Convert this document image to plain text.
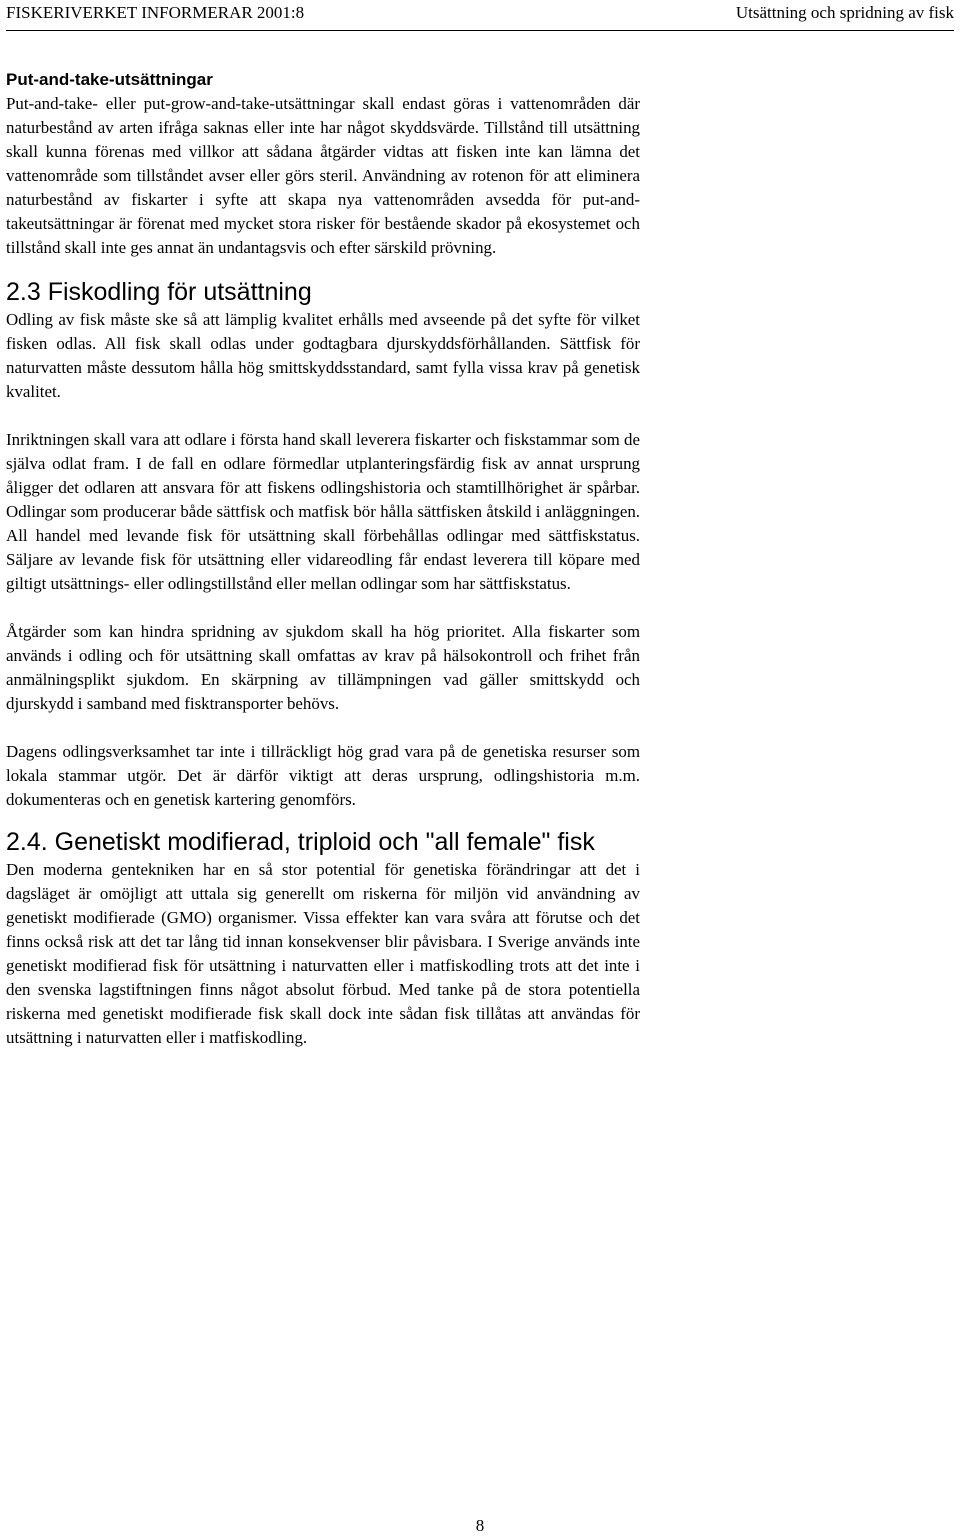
FISKERIVERKET INFORMERAR 2001:8	Utsättning och spridning av fisk

Put-and-take-utsättningar

Put-and-take- eller put-grow-and-take-utsättningar skall endast göras i vattenområden där naturbestånd av arten ifråga saknas eller inte har något skyddsvärde. Tillstånd till utsättning skall kunna förenas med villkor att sådana åtgärder vidtas att fisken inte kan lämna det vattenområde som tillståndet avser eller görs steril. Användning av rotenon för att eliminera naturbestånd av fiskarter i syfte att skapa nya vattenområden avsedda för put-and-takeutsättningar är förenat med mycket stora risker för bestående skador på ekosystemet och tillstånd skall inte ges annat än undantagsvis och efter särskild prövning.

2.3 Fiskodling för utsättning

Odling av fisk måste ske så att lämplig kvalitet erhålls med avseende på det syfte för vilket fisken odlas. All fisk skall odlas under godtagbara djurskyddsförhållanden. Sättfisk för naturvatten måste dessutom hålla hög smittskyddsstandard, samt fylla vissa krav på genetisk kvalitet.

Inriktningen skall vara att odlare i första hand skall leverera fiskarter och fiskstammar som de själva odlat fram. I de fall en odlare förmedlar utplanteringsfärdig fisk av annat ursprung åligger det odlaren att ansvara för att fiskens odlingshistoria och stamtillhörighet är spårbar. Odlingar som producerar både sättfisk och matfisk bör hålla sättfisken åtskild i anläggningen. All handel med levande fisk för utsättning skall förbehållas odlingar med sättfiskstatus. Säljare av levande fisk för utsättning eller vidareodling får endast leverera till köpare med giltigt utsättnings- eller odlingstillstånd eller mellan odlingar som har sättfiskstatus.

Åtgärder som kan hindra spridning av sjukdom skall ha hög prioritet. Alla fiskarter som används i odling och för utsättning skall omfattas av krav på hälsokontroll och frihet från anmälningsplikt sjukdom. En skärpning av tillämpningen vad gäller smittskydd och djurskydd i samband med fisktransporter behövs.

Dagens odlingsverksamhet tar inte i tillräckligt hög grad vara på de genetiska resurser som lokala stammar utgör. Det är därför viktigt att deras ursprung, odlingshistoria m.m. dokumenteras och en genetisk kartering genomförs.

2.4. Genetiskt modifierad, triploid och "all female" fisk

Den moderna gentekniken har en så stor potential för genetiska förändringar att det i dagsläget är omöjligt att uttala sig generellt om riskerna för miljön vid användning av genetiskt modifierade (GMO) organismer. Vissa effekter kan vara svåra att förutse och det finns också risk att det tar lång tid innan konsekvenser blir påvisbara. I Sverige används inte genetiskt modifierad fisk för utsättning i naturvatten eller i matfiskodling trots att det inte i den svenska lagstiftningen finns något absolut förbud. Med tanke på de stora potentiella riskerna med genetiskt modifierade fisk skall dock inte sådan fisk tillåtas att användas för utsättning i naturvatten eller i matfiskodling.

8
